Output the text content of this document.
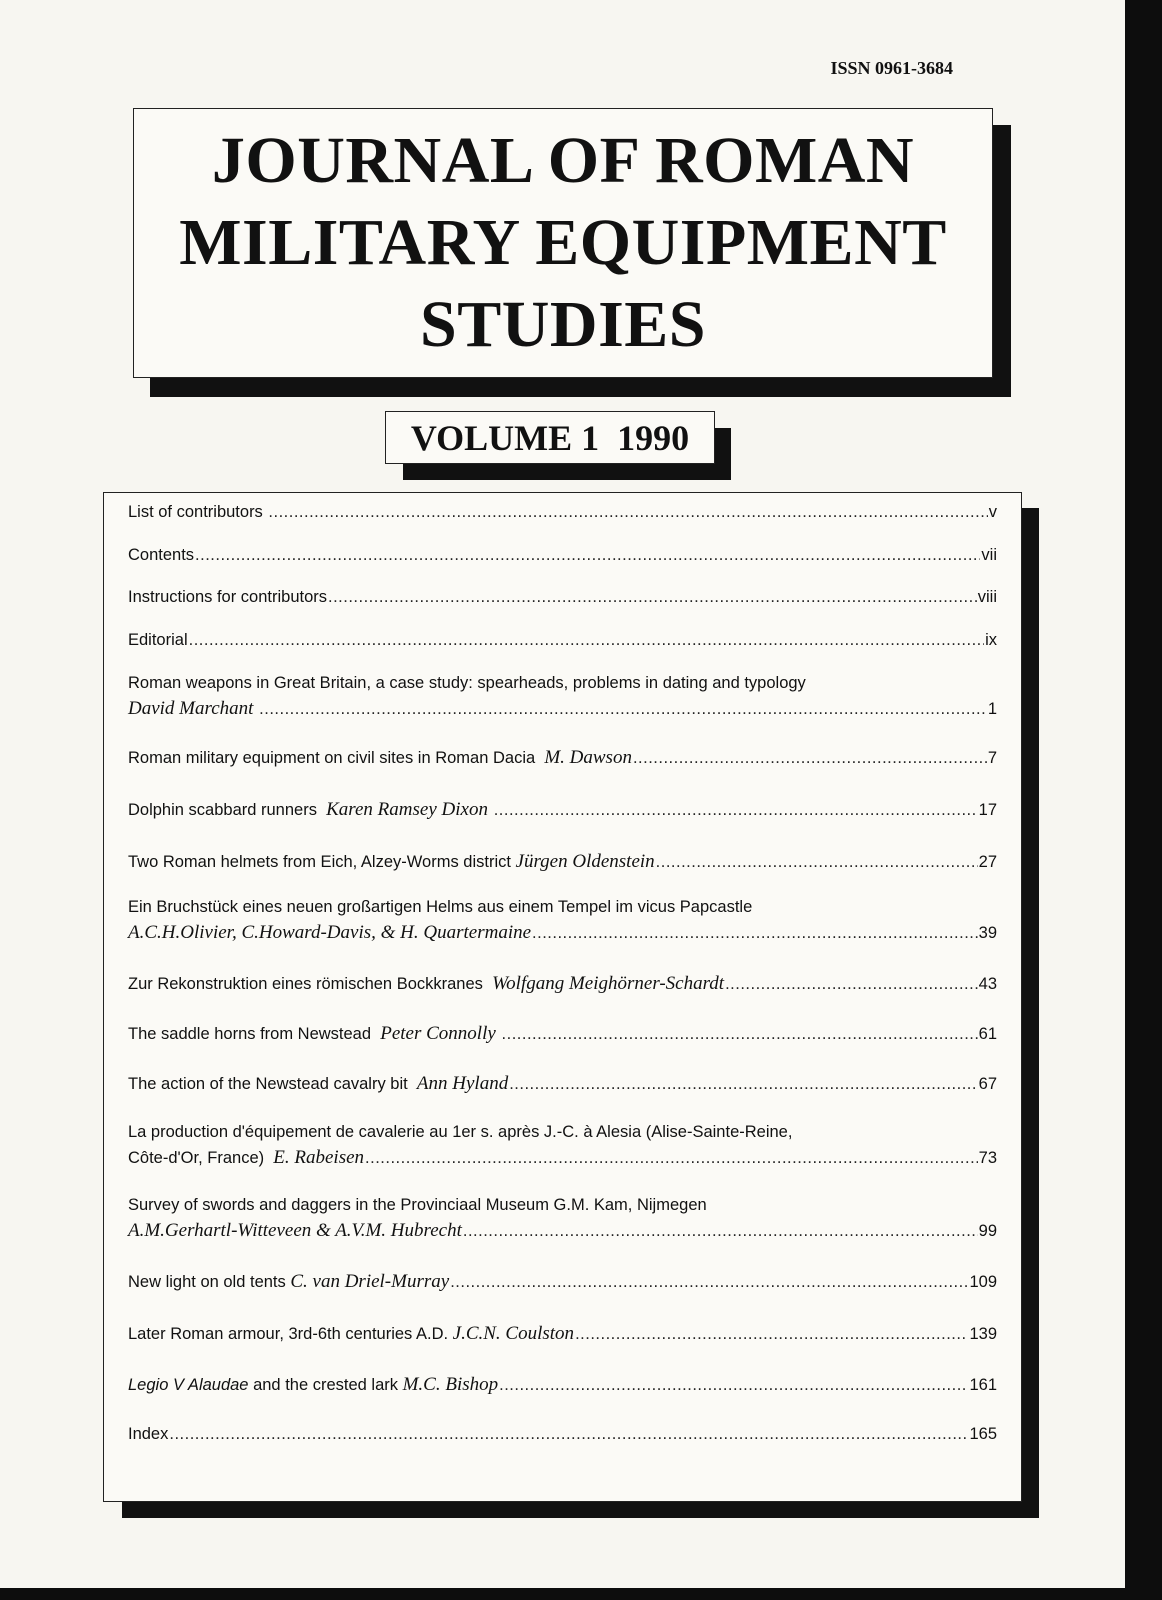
ISSN 0961-3684
JOURNAL OF ROMAN
MILITARY EQUIPMENT
STUDIES
VOLUME 1  1990
List of contributors .....	v
Contents .....	vii
Instructions for contributors .....	viii
Editorial .....	ix
Roman weapons in Great Britain, a case study: spearheads, problems in dating and typology
David Marchant .....	1
Roman military equipment on civil sites in Roman Dacia M. Dawson .....	7
Dolphin scabbard runners Karen Ramsey Dixon .....	17
Two Roman helmets from Eich, Alzey-Worms district Jürgen Oldenstein .....	27
Ein Bruchstück eines neuen großartigen Helms aus einem Tempel im vicus Papcastle
A.C.H.Olivier, C.Howard-Davis, & H. Quartermaine .....	39
Zur Rekonstruktion eines römischen Bockkranes Wolfgang Meighörner-Schardt .....	43
The saddle horns from Newstead Peter Connolly .....	61
The action of the Newstead cavalry bit Ann Hyland .....	67
La production d'équipement de cavalerie au 1er s. après J.-C. à Alesia (Alise-Sainte-Reine,
Côte-d'Or, France) E. Rabeisen .....	73
Survey of swords and daggers in the Provinciaal Museum G.M. Kam, Nijmegen
A.M.Gerhartl-Witteveen & A.V.M. Hubrecht .....	99
New light on old tents C. van Driel-Murray .....	109
Later Roman armour, 3rd-6th centuries A.D. J.C.N. Coulston .....	139
Legio V Alaudae and the crested lark M.C. Bishop .....	161
Index .....	165
